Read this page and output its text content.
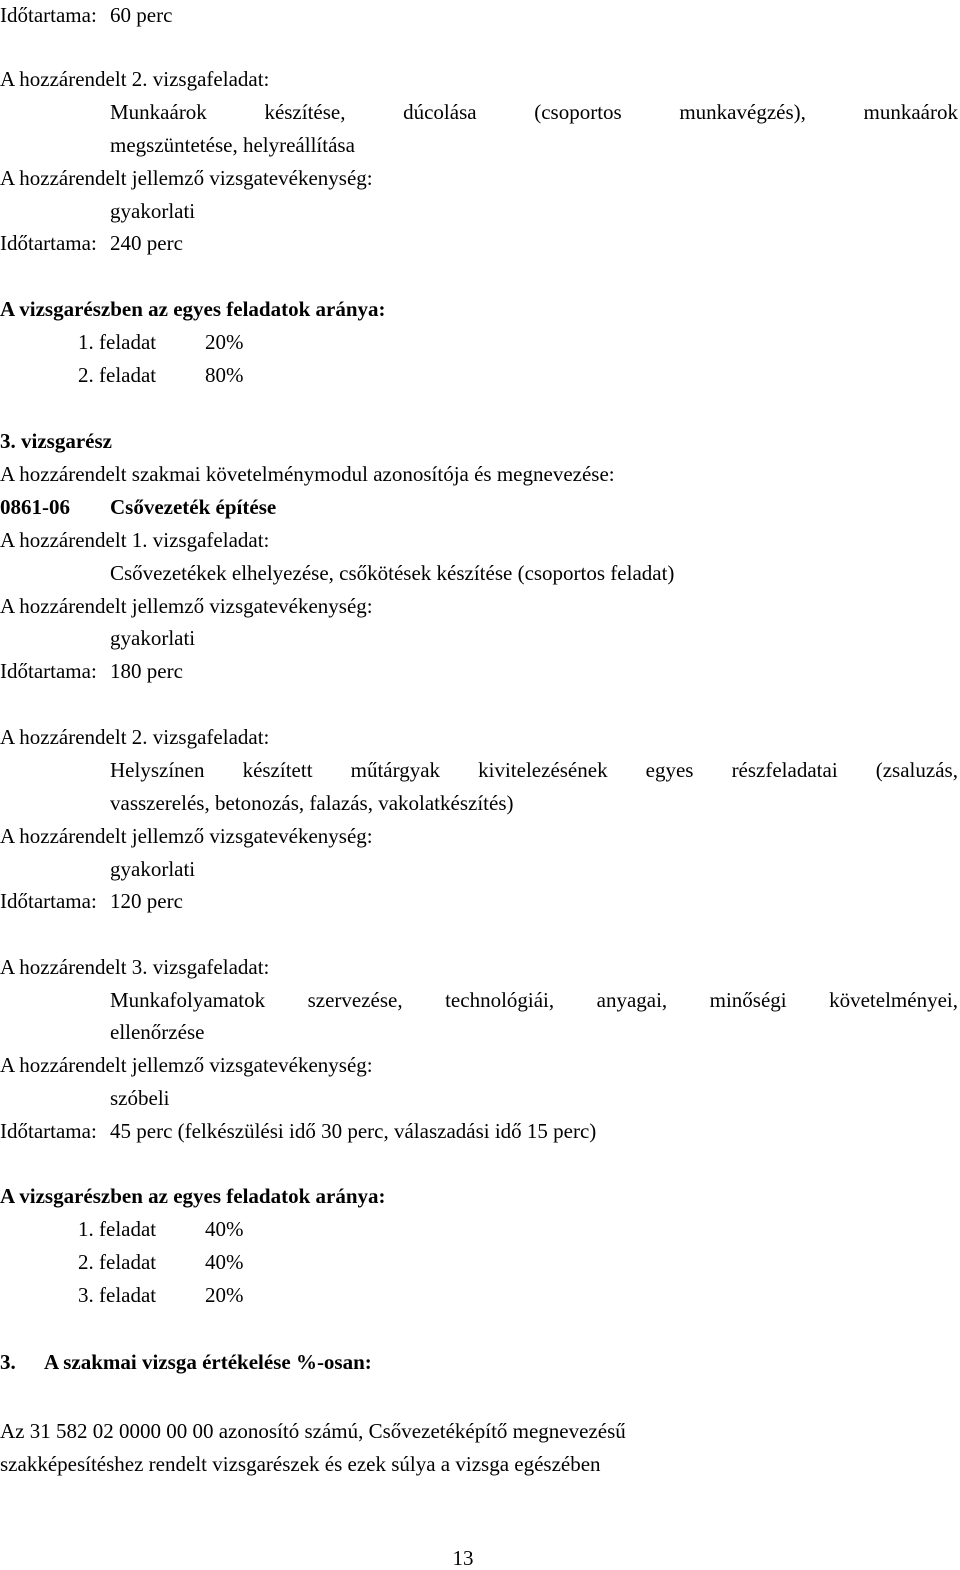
Időtartama: 60 perc
A hozzárendelt 2. vizsgafeladat:
Munkaárok	készítése,	dúcolása	(csoportos	munkavégzés),	munkaárok
megszüntetése, helyreállítása
A hozzárendelt jellemző vizsgatevékenység:
gyakorlati
Időtartama: 240 perc
A vizsgarészben az egyes feladatok aránya:
1. feladat 20%
2. feladat 80%
3. vizsgarész
A hozzárendelt szakmai követelménymodul azonosítója és megnevezése:
0861-06 Csővezeték építése
A hozzárendelt 1. vizsgafeladat:
Csővezetékek elhelyezése, csőkötések készítése (csoportos feladat)
A hozzárendelt jellemző vizsgatevékenység:
gyakorlati
Időtartama: 180 perc
A hozzárendelt 2. vizsgafeladat:
Helyszínen készített műtárgyak kivitelezésének egyes részfeladatai (zsaluzás,
vasszerelés, betonozás, falazás, vakolatkészítés)
A hozzárendelt jellemző vizsgatevékenység:
gyakorlati
Időtartama: 120 perc
A hozzárendelt 3. vizsgafeladat:
Munkafolyamatok szervezése, technológiái, anyagai, minőségi követelményei,
ellenőrzése
A hozzárendelt jellemző vizsgatevékenység:
szóbeli
Időtartama: 45 perc (felkészülési idő 30 perc, válaszadási idő 15 perc)
A vizsgarészben az egyes feladatok aránya:
1. feladat 40%
2. feladat 40%
3. feladat 20%
3. A szakmai vizsga értékelése %-osan:
Az 31 582 02 0000 00 00 azonosító számú, Csővezetéképítő megnevezésű
szakképesítéshez rendelt vizsgarészek és ezek súlya a vizsga egészében
13
